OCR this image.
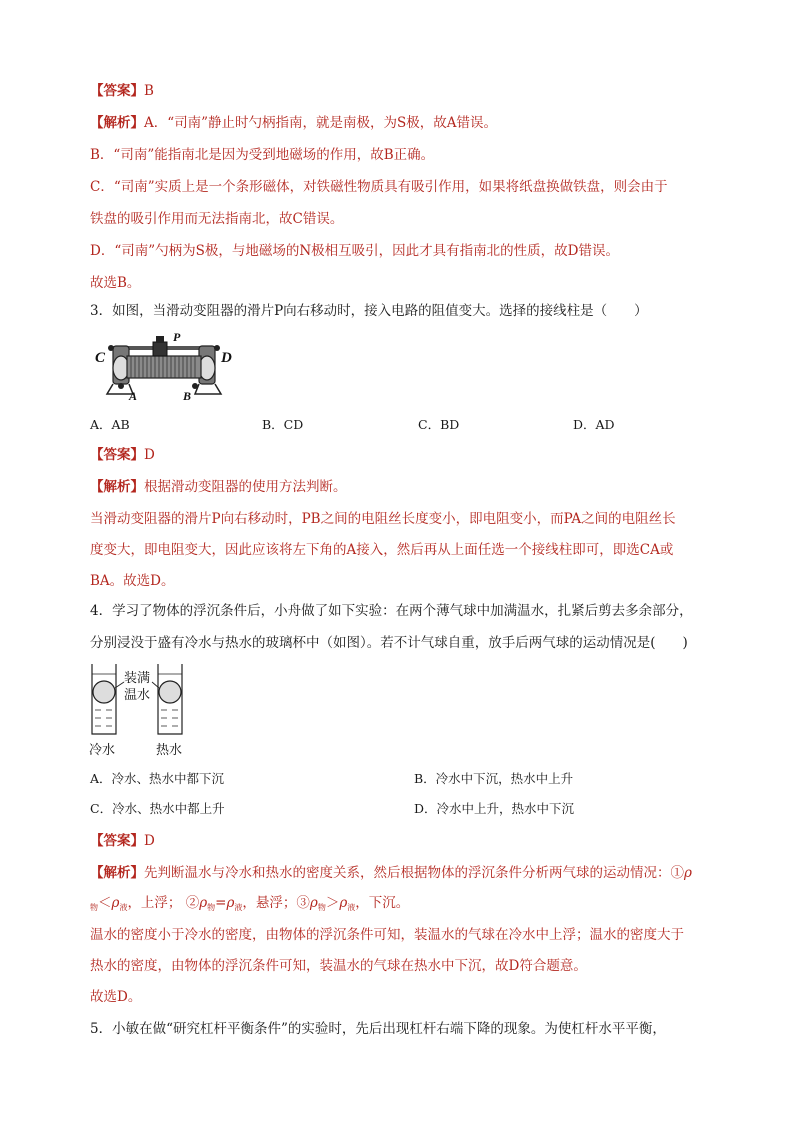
【答案】B
【解析】A．“司南”静止时勺柄指南，就是南极，为S极，故A错误。
B．“司南”能指南北是因为受到地磁场的作用，故B正确。
C．“司南”实质上是一个条形磁体，对铁磁性物质具有吸引作用，如果将纸盘换做铁盘，则会由于
铁盘的吸引作用而无法指南北，故C错误。
D．“司南”勺柄为S极，与地磁场的N极相互吸引，因此才具有指南北的性质，故D错误。
故选B。
3．如图，当滑动变阻器的滑片P向右移动时，接入电路的阻值变大。选择的接线柱是（　　）
C
P
D
A	B
A．AB	B．CD	C．BD	D．AD
【答案】D
【解析】根据滑动变阻器的使用方法判断。
当滑动变阻器的滑片P向右移动时，PB之间的电阻丝长度变小，即电阻变小，而PA之间的电阻丝长
度变大，即电阻变大，因此应该将左下角的A接入，然后再从上面任选一个接线柱即可，即选CA或
BA。故选D。
4．学习了物体的浮沉条件后，小舟做了如下实验：在两个薄气球中加满温水，扎紧后剪去多余部分，
分别浸没于盛有冷水与热水的玻璃杯中（如图）。若不计气球自重，放手后两气球的运动情况是(　　)
装满
温水
冷水	热水
A．冷水、热水中都下沉	B．冷水中下沉，热水中上升
C．冷水、热水中都上升	D．冷水中上升，热水中下沉
【答案】D
【解析】先判断温水与冷水和热水的密度关系，然后根据物体的浮沉条件分析两气球的运动情况：①ρ
$_物<\rho_液$，上浮； $②\rho_物=\rho_液$，悬浮；$③\rho_物>\rho_液$，下沉。
温水的密度小于冷水的密度，由物体的浮沉条件可知，装温水的气球在冷水中上浮；温水的密度大于
热水的密度，由物体的浮沉条件可知，装温水的气球在热水中下沉，故D符合题意。
故选D。
5．小敏在做“研究杠杆平衡条件”的实验时，先后出现杠杆右端下降的现象。为使杠杆水平平衡，
